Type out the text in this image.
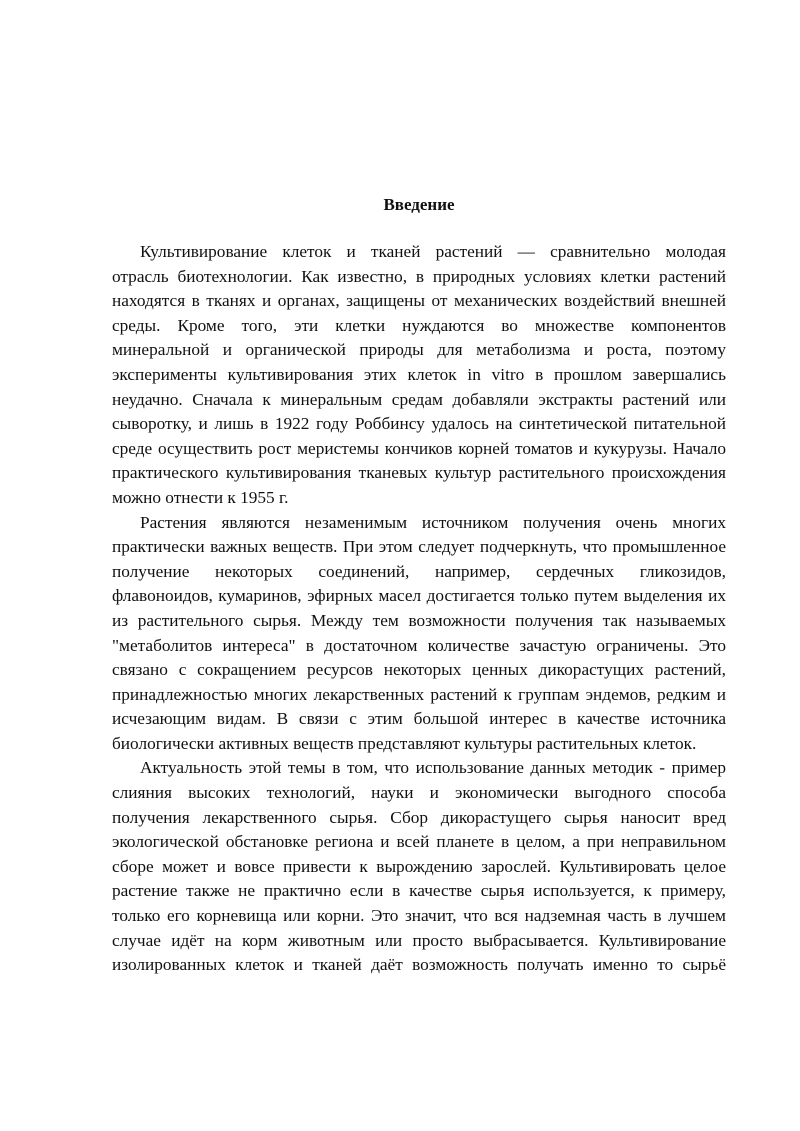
Введение
Культивирование клеток и тканей растений — сравнительно молодая
отрасль биотехнологии. Как известно, в природных условиях клетки растений
находятся в тканях и органах, защищены от механических воздействий внешней
среды. Кроме того, эти клетки нуждаются во множестве компонентов
минеральной и органической природы для метаболизма и роста, поэтому
эксперименты культивирования этих клеток in vitro в прошлом завершались
неудачно. Сначала к минеральным средам добавляли экстракты растений или
сыворотку, и лишь в 1922 году Роббинсу удалось на синтетической питательной
среде осуществить рост меристемы кончиков корней томатов и кукурузы. Начало
практического культивирования тканевых культур растительного происхождения
можно отнести к 1955 г.
Растения являются незаменимым источником получения очень многих
практически важных веществ. При этом следует подчеркнуть, что промышленное
получение некоторых соединений, например, сердечных гликозидов,
флавоноидов, кумаринов, эфирных масел достигается только путем выделения их
из растительного сырья. Между тем возможности получения так называемых
"метаболитов интереса" в достаточном количестве зачастую ограничены. Это
связано с сокращением ресурсов некоторых ценных дикорастущих растений,
принадлежностью многих лекарственных растений к группам эндемов, редким и
исчезающим видам. В связи с этим большой интерес в качестве источника
биологически активных веществ представляют культуры растительных клеток.
Актуальность этой темы в том, что использование данных методик - пример
слияния высоких технологий, науки и экономически выгодного способа
получения лекарственного сырья. Сбор дикорастущего сырья наносит вред
экологической обстановке региона и всей планете в целом, а при неправильном
сборе может и вовсе привести к вырождению зарослей. Культивировать целое
растение также не практично если в качестве сырья используется, к примеру,
только его корневища или корни. Это значит, что вся надземная часть в лучшем
случае идёт на корм животным или просто выбрасывается. Культивирование
изолированных клеток и тканей даёт возможность получать именно то сырьё
